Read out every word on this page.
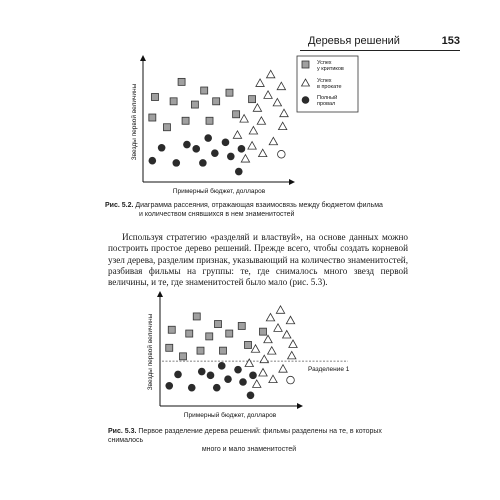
Деревья решений	153
Звезды первой величины
Примерный бюджет, долларов
Успех
у критиков
Успех
в прокате
Полный
провал
Рис. 5.2. Диаграмма рассеяния, отражающая взаимосвязь между бюджетом фильма
и количеством снявшихся в нем знаменитостей

Используя стратегию «разделяй и властвуй», на основе данных можно построить простое дерево решений. Прежде всего, чтобы создать корневой узел дерева, разделим признак, указывающий на количество знаменитостей, разбивая фильмы на группы: те, где снималось много звезд первой величины, и те, где знаменитостей было мало (рис. 5.3).

Звезды первой величины
Примерный бюджет, долларов
Разделение 1
Рис. 5.3. Первое разделение дерева решений: фильмы разделены на те, в которых снималось
много и мало знаменитостей
